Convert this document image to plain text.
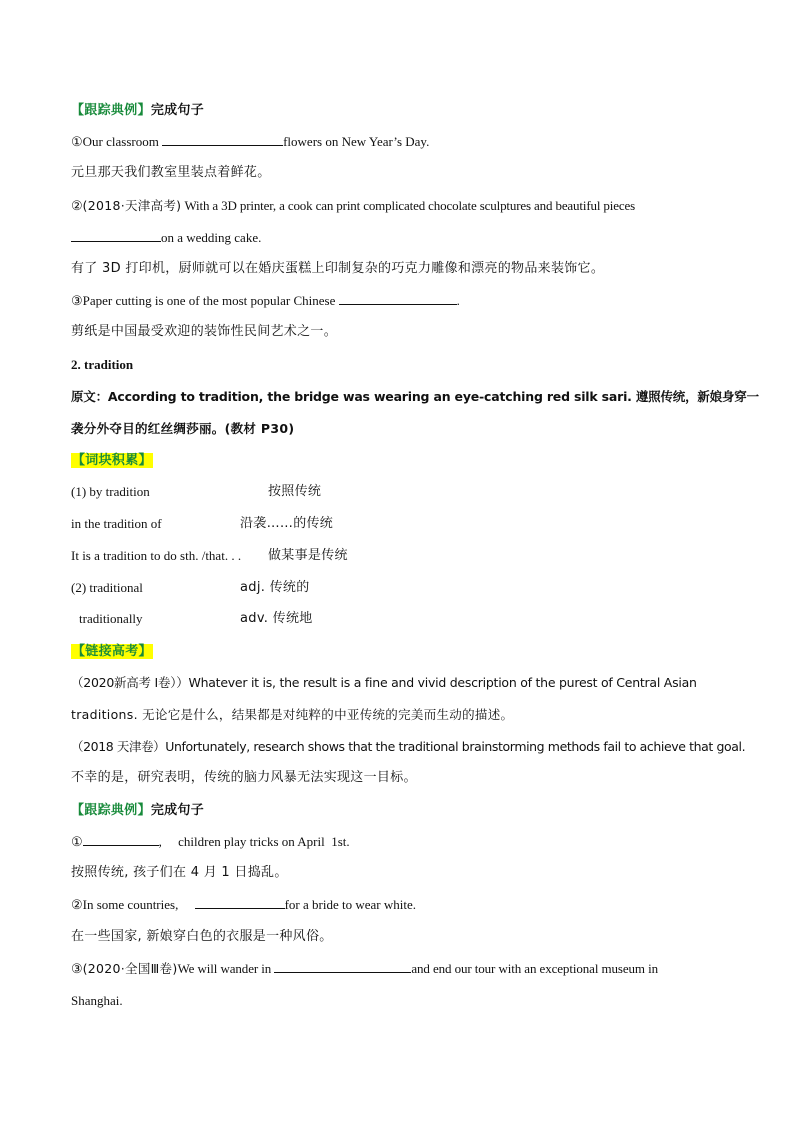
【跟踪典例】完成句子
①Our classroom	flowers on New Year’s Day.
元旦那天我们教室里装点着鲜花。
②(2018·天津高考) With a 3D printer, a cook can print complicated chocolate sculptures and beautiful pieces
on a wedding cake.
有了 3D 打印机，厨师就可以在婚庆蛋糕上印制复杂的巧克力雕像和漂亮的物品来装饰它。
③Paper cutting is one of the most popular Chinese	.
剪纸是中国最受欢迎的装饰性民间艺术之一。
2. tradition
原文：According to tradition, the bridge was wearing an eye-catching red silk sari. 遵照传统，新娘身穿一
袭分外夺目的红丝绸莎丽。(教材 P30)
【词块积累】
(1) by tradition	按照传统
in the tradition of	沿袭……的传统
It is a tradition to do sth. /that. . . 做某事是传统
(2) traditional	adj. 传统的
traditionally	adv. 传统地
【链接高考】
（2020新高考 I卷））Whatever it is, the result is a fine and vivid description of the purest of Central Asian
traditions. 无论它是什么，结果都是对纯粹的中亚传统的完美而生动的描述。
（2018 天津卷）Unfortunately, research shows that the traditional brainstorming methods fail to achieve that goal.
不幸的是，研究表明，传统的脑力风暴无法实现这一目标。
【跟踪典例】完成句子
①	,     children play tricks on April  1st.
按照传统, 孩子们在 4 月 1 日捣乱。
②In some countries,	for a bride to wear white.
在一些国家, 新娘穿白色的衣服是一种风俗。
③(2020·全国Ⅲ卷)We will wander in	and end our tour with an exceptional museum in
Shanghai.
